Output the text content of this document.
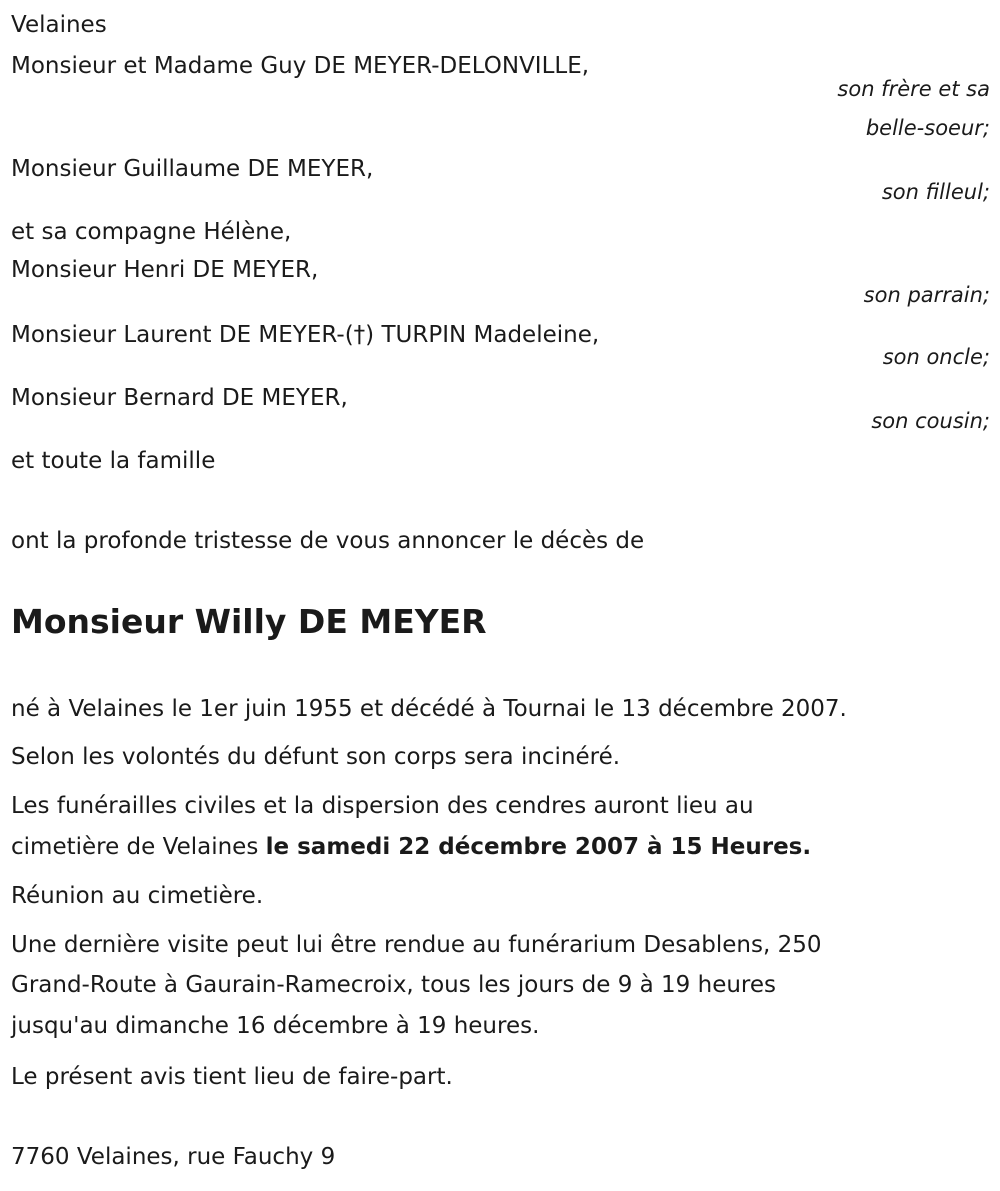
Velaines
Monsieur et Madame Guy DE MEYER-DELONVILLE,
son frère et sa
belle-soeur;
Monsieur Guillaume DE MEYER,
son filleul;
et sa compagne Hélène,
Monsieur Henri DE MEYER,
son parrain;
Monsieur Laurent DE MEYER-(†) TURPIN Madeleine,
son oncle;
Monsieur Bernard DE MEYER,
son cousin;
et toute la famille
ont la profonde tristesse de vous annoncer le décès de
Monsieur Willy DE MEYER
né à Velaines le 1er juin 1955 et décédé à Tournai le 13 décembre 2007.
Selon les volontés du défunt son corps sera incinéré.
Les funérailles civiles et la dispersion des cendres auront lieu au
cimetière de Velaines le samedi 22 décembre 2007 à 15 Heures.
Réunion au cimetière.
Une dernière visite peut lui être rendue au funérarium Desablens, 250
Grand-Route à Gaurain-Ramecroix, tous les jours de 9 à 19 heures
jusqu'au dimanche 16 décembre à 19 heures.
Le présent avis tient lieu de faire-part.
7760 Velaines, rue Fauchy 9
